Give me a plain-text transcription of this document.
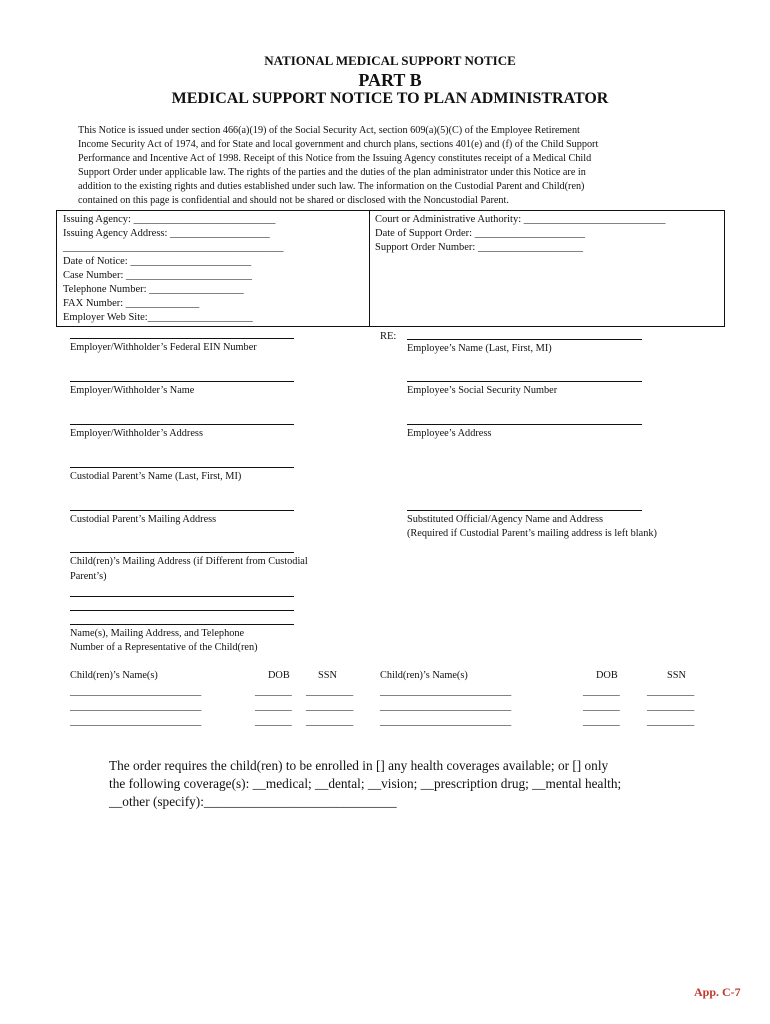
NATIONAL MEDICAL SUPPORT NOTICE
PART B
MEDICAL SUPPORT NOTICE TO PLAN ADMINISTRATOR
This Notice is issued under section 466(a)(19) of the Social Security Act, section 609(a)(5)(C) of the Employee Retirement
Income Security Act of 1974, and for State and local government and church plans, sections 401(e) and (f) of the Child Support
Performance and Incentive Act of 1998. Receipt of this Notice from the Issuing Agency constitutes receipt of a Medical Child
Support Order under applicable law. The rights of the parties and the duties of the plan administrator under this Notice are in
addition to the existing rights and duties established under such law. The information on the Custodial Parent and Child(ren)
contained on this page is confidential and should not be shared or disclosed with the Noncustodial Parent.
Issuing Agency: ___________________________
Issuing Agency Address: ___________________
__________________________________________
Date of Notice: _______________________
Case Number: ________________________
Telephone Number: __________________
FAX Number: ______________
Employer Web Site:____________________
Court or Administrative Authority: ___________________________
Date of Support Order: _____________________
Support Order Number: ____________________
RE:
Employer/Withholder’s Federal EIN Number
Employer/Withholder’s Name
Employer/Withholder’s Address
Custodial Parent’s Name (Last, First, MI)
Custodial Parent’s Mailing Address
Employee’s Name (Last, First, MI)
Employee’s Social Security Number
Employee’s Address
Substituted Official/Agency Name and Address
(Required if Custodial Parent’s mailing address is left blank)
Child(ren)’s Mailing Address (if Different from Custodial
Parent’s)
Name(s), Mailing Address, and Telephone
Number of a Representative of the Child(ren)
Child(ren)’s Name(s)	DOB	SSN
_________________________	_______ _________
_________________________	_______ _________
_________________________	_______ _________
Child(ren)’s Name(s)	DOB	SSN
_________________________	_______	_________
_________________________	_______	_________
_________________________	_______	_________
The order requires the child(ren) to be enrolled in [] any health coverages available; or [] only
the following coverage(s): __medical; __dental; __vision; __prescription drug; __mental health;
__other (specify):_____________________________
App. C-7
